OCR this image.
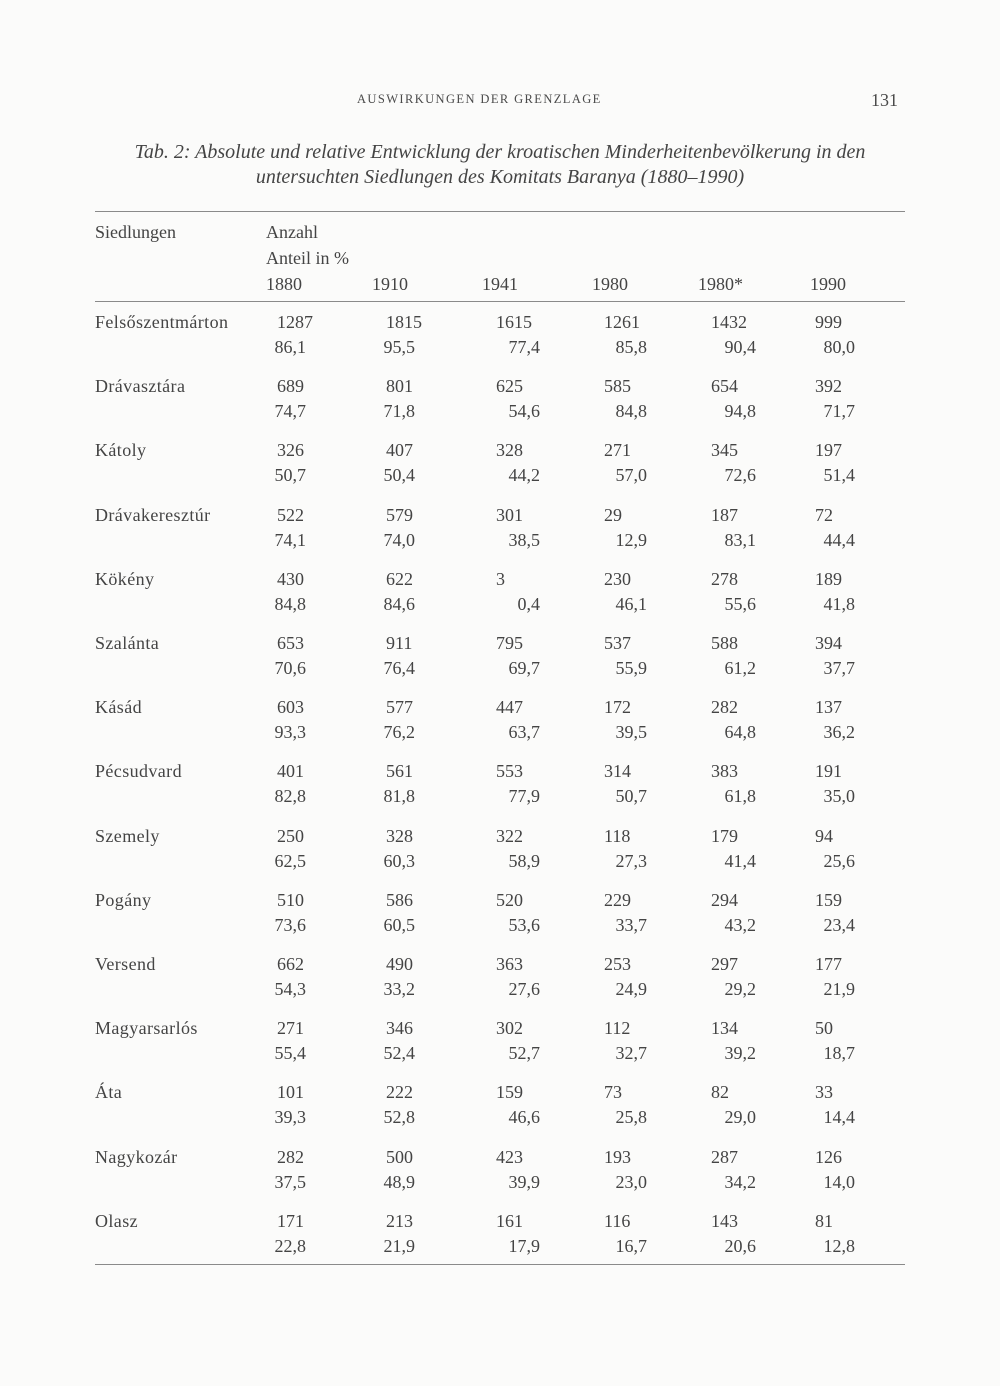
AUSWIRKUNGEN DER GRENZLAGE	131
Tab. 2: Absolute und relative Entwicklung der kroatischen Minderheitenbevölkerung in den
untersuchten Siedlungen des Komitats Baranya (1880–1990)
Siedlungen	Anzahl
Anteil in %
1880	1910	1941	1980	1980*	1990
Felsőszentmárton	1287	1815	1615	1261	1432	999
86,1	95,5	77,4	85,8	90,4	80,0
Drávasztára	689	801	625	585	654	392
74,7	71,8	54,6	84,8	94,8	71,7
Kátoly	326	407	328	271	345	197
50,7	50,4	44,2	57,0	72,6	51,4
Drávakeresztúr	522	579	301	29	187	72
74,1	74,0	38,5	12,9	83,1	44,4
Kökény	430	622	3	230	278	189
84,8	84,6	0,4	46,1	55,6	41,8
Szalánta	653	911	795	537	588	394
70,6	76,4	69,7	55,9	61,2	37,7
Kásád	603	577	447	172	282	137
93,3	76,2	63,7	39,5	64,8	36,2
Pécsudvard	401	561	553	314	383	191
82,8	81,8	77,9	50,7	61,8	35,0
Szemely	250	328	322	118	179	94
62,5	60,3	58,9	27,3	41,4	25,6
Pogány	510	586	520	229	294	159
73,6	60,5	53,6	33,7	43,2	23,4
Versend	662	490	363	253	297	177
54,3	33,2	27,6	24,9	29,2	21,9
Magyarsarlós	271	346	302	112	134	50
55,4	52,4	52,7	32,7	39,2	18,7
Áta	101	222	159	73	82	33
39,3	52,8	46,6	25,8	29,0	14,4
Nagykozár	282	500	423	193	287	126
37,5	48,9	39,9	23,0	34,2	14,0
Olasz	171	213	161	116	143	81
22,8	21,9	17,9	16,7	20,6	12,8
